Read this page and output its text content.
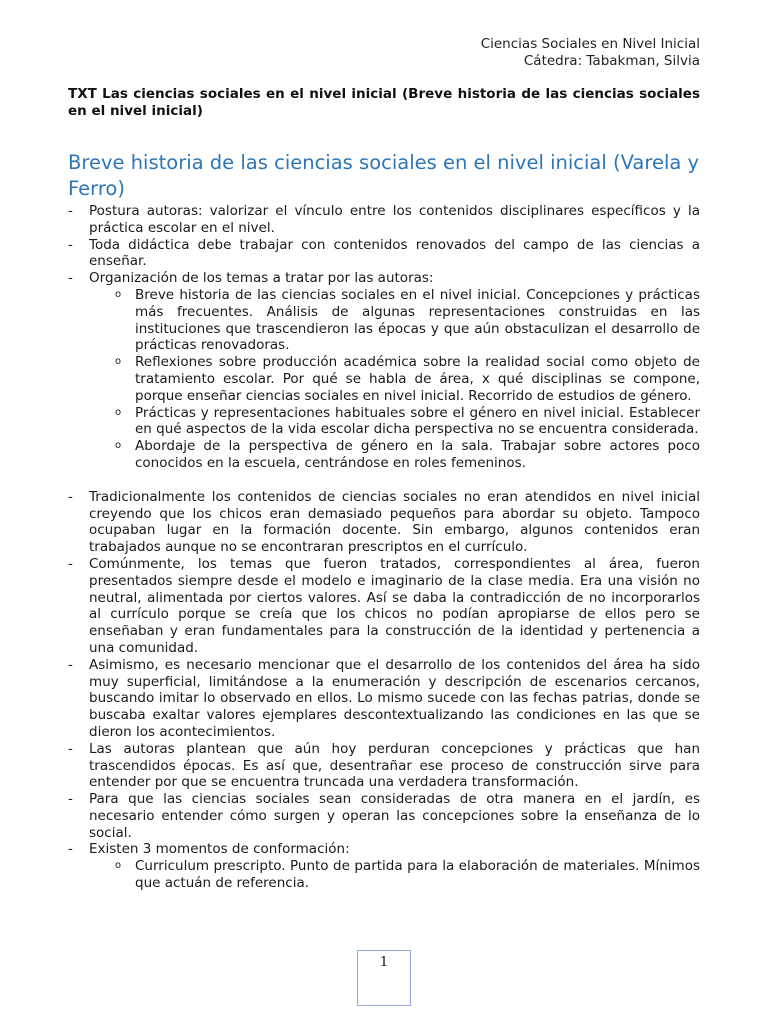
Ciencias Sociales en Nivel Inicial
Cátedra: Tabakman, Silvia
TXT Las ciencias sociales en el nivel inicial (Breve historia de las ciencias sociales en el nivel inicial)
Breve historia de las ciencias sociales en el nivel inicial (Varela y Ferro)
- Postura autoras: valorizar el vínculo entre los contenidos disciplinares específicos y la práctica escolar en el nivel.
- Toda didáctica debe trabajar con contenidos renovados del campo de las ciencias a enseñar.
- Organización de los temas a tratar por las autoras:
o Breve historia de las ciencias sociales en el nivel inicial. Concepciones y prácticas más frecuentes. Análisis de algunas representaciones construidas en las instituciones que trascendieron las épocas y que aún obstaculizan el desarrollo de prácticas renovadoras.
o Reflexiones sobre producción académica sobre la realidad social como objeto de tratamiento escolar. Por qué se habla de área, x qué disciplinas se compone, porque enseñar ciencias sociales en nivel inicial. Recorrido de estudios de género.
o Prácticas y representaciones habituales sobre el género en nivel inicial. Establecer en qué aspectos de la vida escolar dicha perspectiva no se encuentra considerada.
o Abordaje de la perspectiva de género en la sala. Trabajar sobre actores poco conocidos en la escuela, centrándose en roles femeninos.
- Tradicionalmente los contenidos de ciencias sociales no eran atendidos en nivel inicial creyendo que los chicos eran demasiado pequeños para abordar su objeto. Tampoco ocupaban lugar en la formación docente. Sin embargo, algunos contenidos eran trabajados aunque no se encontraran prescriptos en el currículo.
- Comúnmente, los temas que fueron tratados, correspondientes al área, fueron presentados siempre desde el modelo e imaginario de la clase media. Era una visión no neutral, alimentada por ciertos valores. Así se daba la contradicción de no incorporarlos al currículo porque se creía que los chicos no podían apropiarse de ellos pero se enseñaban y eran fundamentales para la construcción de la identidad y pertenencia a una comunidad.
- Asimismo, es necesario mencionar que el desarrollo de los contenidos del área ha sido muy superficial, limitándose a la enumeración y descripción de escenarios cercanos, buscando imitar lo observado en ellos. Lo mismo sucede con las fechas patrias, donde se buscaba exaltar valores ejemplares descontextualizando las condiciones en las que se dieron los acontecimientos.
- Las autoras plantean que aún hoy perduran concepciones y prácticas que han trascendidos épocas. Es así que, desentrañar ese proceso de construcción sirve para entender por que se encuentra truncada una verdadera transformación.
- Para que las ciencias sociales sean consideradas de otra manera en el jardín, es necesario entender cómo surgen y operan las concepciones sobre la enseñanza de lo social.
- Existen 3 momentos de conformación:
o Curriculum prescripto. Punto de partida para la elaboración de materiales. Mínimos que actuán de referencia.
1
